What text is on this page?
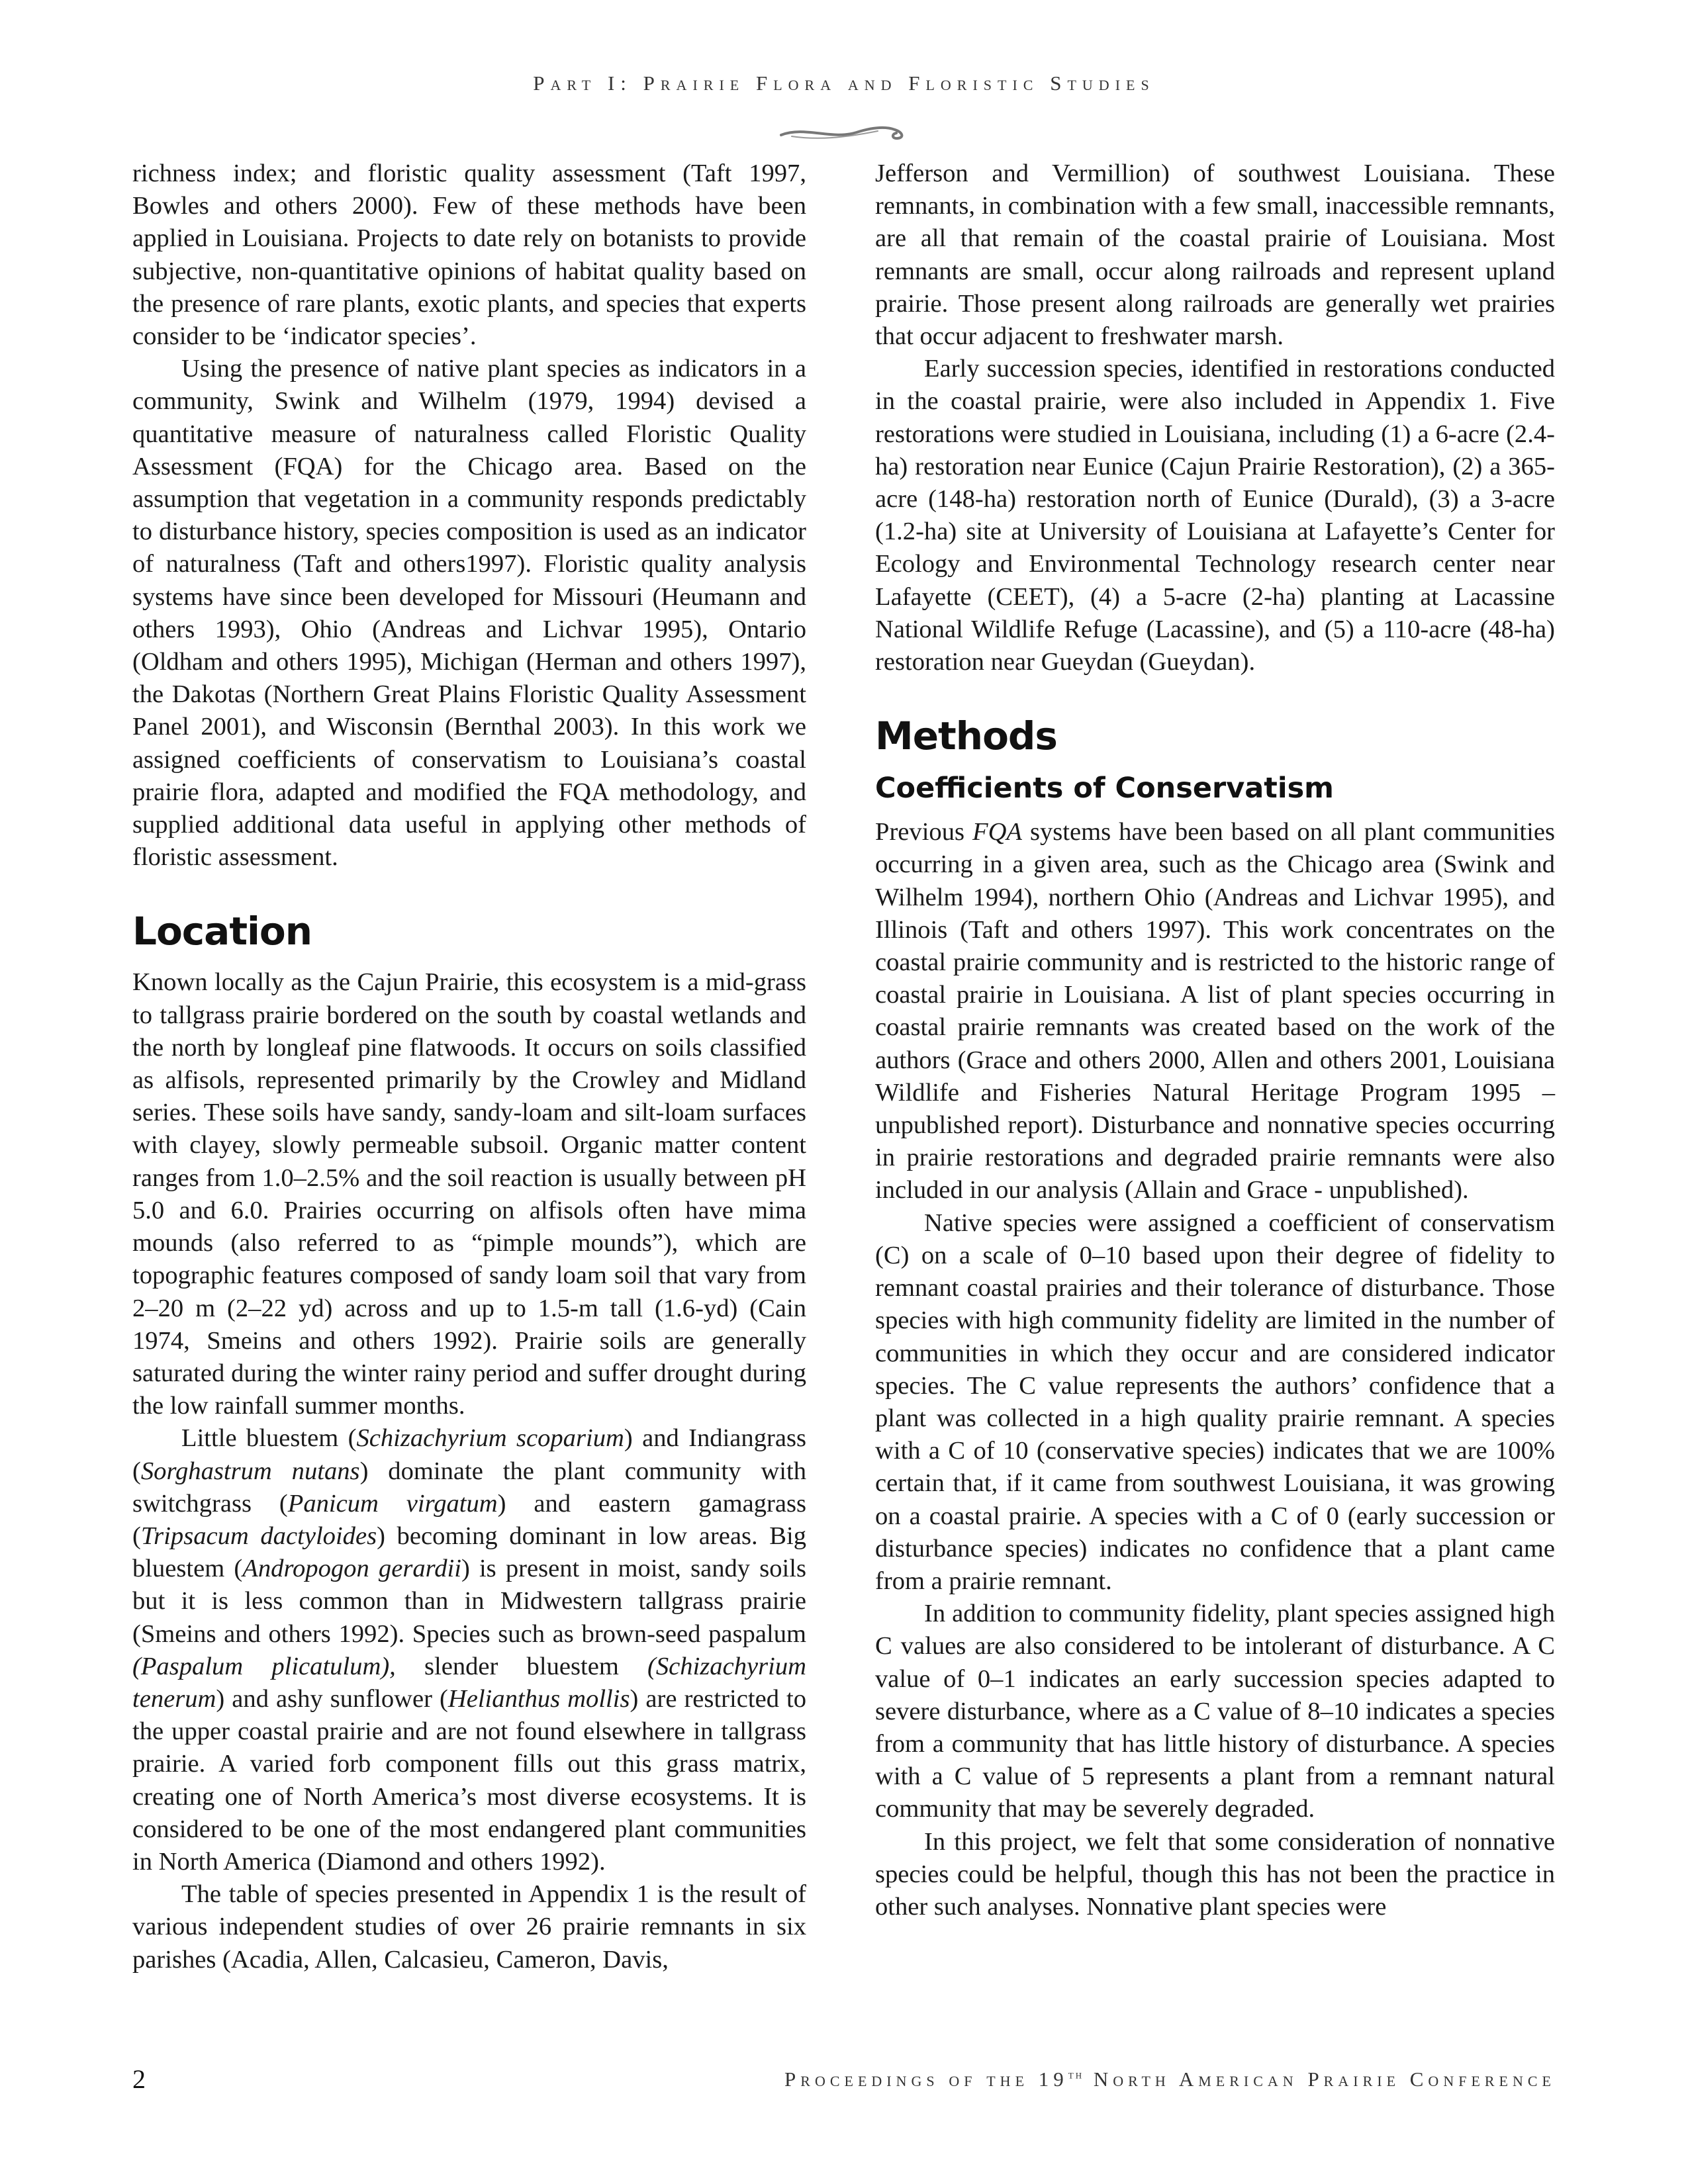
Part I: Prairie Flora and Floristic Studies

richness index; and floristic quality assessment (Taft 1997, Bowles and others 2000). Few of these methods have been applied in Louisiana. Projects to date rely on botanists to provide subjective, non-quantitative opinions of habitat quality based on the presence of rare plants, exotic plants, and species that experts consider to be ‘indicator species’.

Using the presence of native plant species as indicators in a community, Swink and Wilhelm (1979, 1994) devised a quantitative measure of naturalness called Floristic Quality Assessment (FQA) for the Chicago area. Based on the assumption that vegetation in a community responds predictably to disturbance history, species composition is used as an indicator of naturalness (Taft and others1997). Floristic quality analysis systems have since been developed for Missouri (Heumann and others 1993), Ohio (Andreas and Lichvar 1995), Ontario (Oldham and others 1995), Michigan (Herman and others 1997), the Dakotas (Northern Great Plains Floristic Quality Assessment Panel 2001), and Wisconsin (Bernthal 2003). In this work we assigned coefficients of conservatism to Louisiana’s coastal prairie flora, adapted and modified the FQA methodology, and supplied additional data useful in applying other methods of floristic assessment.

Location

Known locally as the Cajun Prairie, this ecosystem is a mid-grass to tallgrass prairie bordered on the south by coastal wetlands and the north by longleaf pine flatwoods. It occurs on soils classified as alfisols, represented primarily by the Crowley and Midland series. These soils have sandy, sandy-loam and silt-loam surfaces with clayey, slowly permeable subsoil. Organic matter content ranges from 1.0–2.5% and the soil reaction is usually between pH 5.0 and 6.0. Prairies occurring on alfisols often have mima mounds (also referred to as “pimple mounds”), which are topographic features composed of sandy loam soil that vary from 2–20 m (2–22 yd) across and up to 1.5-m tall (1.6-yd) (Cain 1974, Smeins and others 1992). Prairie soils are generally saturated during the winter rainy period and suffer drought during the low rainfall summer months.

Little bluestem (Schizachyrium scoparium) and Indiangrass (Sorghastrum nutans) dominate the plant community with switchgrass (Panicum virgatum) and eastern gamagrass (Tripsacum dactyloides) becoming dominant in low areas. Big bluestem (Andropogon gerardii) is present in moist, sandy soils but it is less common than in Midwestern tallgrass prairie (Smeins and others 1992). Species such as brown-seed paspalum (Paspalum plicatulum), slender bluestem (Schizachyrium tenerum) and ashy sunflower (Helianthus mollis) are restricted to the upper coastal prairie and are not found elsewhere in tallgrass prairie. A varied forb component fills out this grass matrix, creating one of North America’s most diverse ecosystems. It is considered to be one of the most endangered plant communities in North America (Diamond and others 1992).

The table of species presented in Appendix 1 is the result of various independent studies of over 26 prairie remnants in six parishes (Acadia, Allen, Calcasieu, Cameron, Davis,

Jefferson and Vermillion) of southwest Louisiana. These remnants, in combination with a few small, inaccessible remnants, are all that remain of the coastal prairie of Louisiana. Most remnants are small, occur along railroads and represent upland prairie. Those present along railroads are generally wet prairies that occur adjacent to freshwater marsh.

Early succession species, identified in restorations conducted in the coastal prairie, were also included in Appendix 1. Five restorations were studied in Louisiana, including (1) a 6-acre (2.4-ha) restoration near Eunice (Cajun Prairie Restoration), (2) a 365-acre (148-ha) restoration north of Eunice (Durald), (3) a 3-acre (1.2-ha) site at University of Louisiana at Lafayette’s Center for Ecology and Environmental Technology research center near Lafayette (CEET), (4) a 5-acre (2-ha) planting at Lacassine National Wildlife Refuge (Lacassine), and (5) a 110-acre (48-ha) restoration near Gueydan (Gueydan).

Methods
Coefficients of Conservatism

Previous FQA systems have been based on all plant communities occurring in a given area, such as the Chicago area (Swink and Wilhelm 1994), northern Ohio (Andreas and Lichvar 1995), and Illinois (Taft and others 1997). This work concentrates on the coastal prairie community and is restricted to the historic range of coastal prairie in Louisiana. A list of plant species occurring in coastal prairie remnants was created based on the work of the authors (Grace and others 2000, Allen and others 2001, Louisiana Wildlife and Fisheries Natural Heritage Program 1995 – unpublished report). Disturbance and nonnative species occurring in prairie restorations and degraded prairie remnants were also included in our analysis (Allain and Grace - unpublished).

Native species were assigned a coefficient of conservatism (C) on a scale of 0–10 based upon their degree of fidelity to remnant coastal prairies and their tolerance of disturbance. Those species with high community fidelity are limited in the number of communities in which they occur and are considered indicator species. The C value represents the authors’ confidence that a plant was collected in a high quality prairie remnant. A species with a C of 10 (conservative species) indicates that we are 100% certain that, if it came from southwest Louisiana, it was growing on a coastal prairie. A species with a C of 0 (early succession or disturbance species) indicates no confidence that a plant came from a prairie remnant.

In addition to community fidelity, plant species assigned high C values are also considered to be intolerant of disturbance. A C value of 0–1 indicates an early succession species adapted to severe disturbance, where as a C value of 8–10 indicates a species from a community that has little history of disturbance. A species with a C value of 5 represents a plant from a remnant natural community that may be severely degraded.

In this project, we felt that some consideration of nonnative species could be helpful, though this has not been the practice in other such analyses. Nonnative plant species were

2	Proceedings of the 19th North American Prairie Conference
